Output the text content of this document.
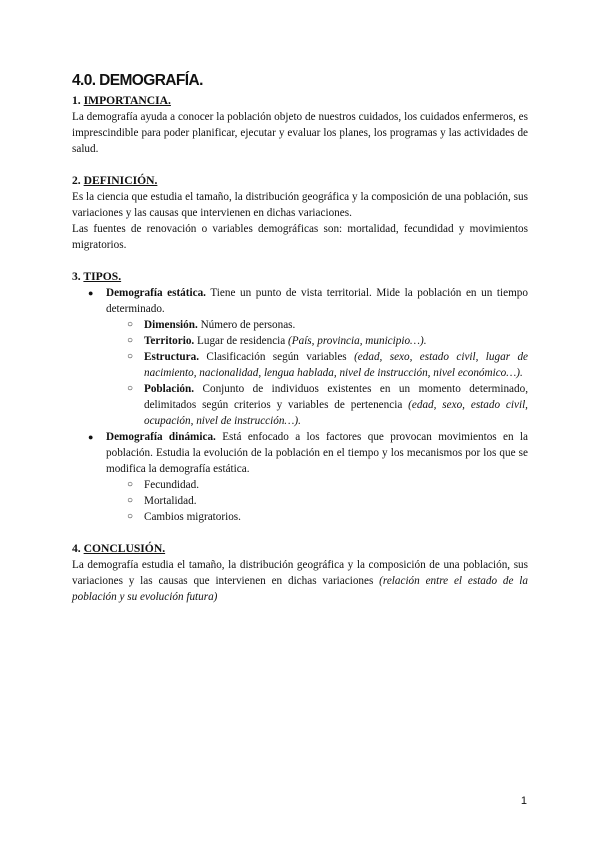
4.0. DEMOGRAFÍA.
1. IMPORTANCIA.

La demografía ayuda a conocer la población objeto de nuestros cuidados, los cuidados enfermeros, es imprescindible para poder planificar, ejecutar y evaluar los planes, los programas y las actividades de salud.

2. DEFINICIÓN.

Es la ciencia que estudia el tamaño, la distribución geográfica y la composición de una población, sus variaciones y las causas que intervienen en dichas variaciones.

Las fuentes de renovación o variables demográficas son: mortalidad, fecundidad y movimientos migratorios.

3. TIPOS.
● Demografía estática. Tiene un punto de vista territorial. Mide la población en un tiempo determinado.
○ Dimensión. Número de personas.
○ Territorio. Lugar de residencia (País, provincia, municipio…).
○ Estructura. Clasificación según variables (edad, sexo, estado civil, lugar de nacimiento, nacionalidad, lengua hablada, nivel de instrucción, nivel económico…).
○ Población. Conjunto de individuos existentes en un momento determinado, delimitados según criterios y variables de pertenencia (edad, sexo, estado civil, ocupación, nivel de instrucción…).
● Demografía dinámica. Está enfocado a los factores que provocan movimientos en la población. Estudia la evolución de la población en el tiempo y los mecanismos por los que se modifica la demografía estática.
○ Fecundidad.
○ Mortalidad.
○ Cambios migratorios.
4. CONCLUSIÓN.

La demografía estudia el tamaño, la distribución geográfica y la composición de una población, sus variaciones y las causas que intervienen en dichas variaciones (relación entre el estado de la población y su evolución futura)

1
